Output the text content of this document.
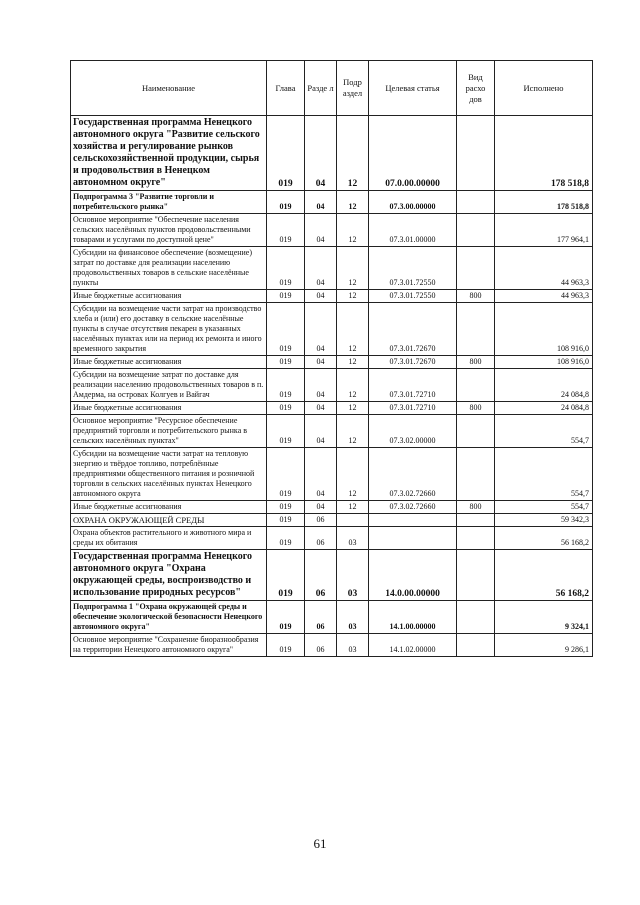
Наименование	Глава	Разде л	Подр аздел	Целевая статья	Вид расхо дов	Исполнено
Государственная программа Ненецкого автономного округа "Развитие сельского хозяйства и регулирование рынков сельскохозяйственной продукции, сырья и продовольствия в Ненецком автономном округе"	019	04	12	07.0.00.00000		178 518,8
Подпрограмма 3 "Развитие торговли и потребительского рынка"	019	04	12	07.3.00.00000		178 518,8
Основное мероприятие "Обеспечение населения сельских населённых пунктов продовольственными товарами и услугами по доступной цене"	019	04	12	07.3.01.00000		177 964,1
Субсидии на финансовое обеспечение (возмещение) затрат по доставке для реализации населению продовольственных товаров в сельские населённые пункты	019	04	12	07.3.01.72550		44 963,3
Иные бюджетные ассигнования	019	04	12	07.3.01.72550	800	44 963,3
Субсидии на возмещение части затрат на производство хлеба и (или) его доставку в сельские населённые пункты в случае отсутствия пекарен в указанных населённых пунктах или на период их ремонта и иного временного закрытия	019	04	12	07.3.01.72670		108 916,0
Иные бюджетные ассигнования	019	04	12	07.3.01.72670	800	108 916,0
Субсидии на возмещение затрат по доставке для реализации населению продовольственных товаров в п. Амдерма, на островах Колгуев и Вайгач	019	04	12	07.3.01.72710		24 084,8
Иные бюджетные ассигнования	019	04	12	07.3.01.72710	800	24 084,8
Основное мероприятие "Ресурсное обеспечение предприятий торговли и потребительского рынка в сельских населённых пунктах"	019	04	12	07.3.02.00000		554,7
Субсидии на возмещение части затрат на тепловую энергию и твёрдое топливо, потреблённые предприятиями общественного питания и розничной торговли в сельских населённых пунктах Ненецкого автономного округа	019	04	12	07.3.02.72660		554,7
Иные бюджетные ассигнования	019	04	12	07.3.02.72660	800	554,7
ОХРАНА ОКРУЖАЮЩЕЙ СРЕДЫ	019	06				59 342,3
Охрана объектов растительного и животного мира и среды их обитания	019	06	03			56 168,2
Государственная программа Ненецкого автономного округа "Охрана окружающей среды, воспроизводство и использование природных ресурсов"	019	06	03	14.0.00.00000		56 168,2
Подпрограмма 1 "Охрана окружающей среды и обеспечение экологической безопасности Ненецкого автономного округа"	019	06	03	14.1.00.00000		9 324,1
Основное мероприятие "Сохранение биоразнообразия на территории Ненецкого автономного округа"	019	06	03	14.1.02.00000		9 286,1
61
